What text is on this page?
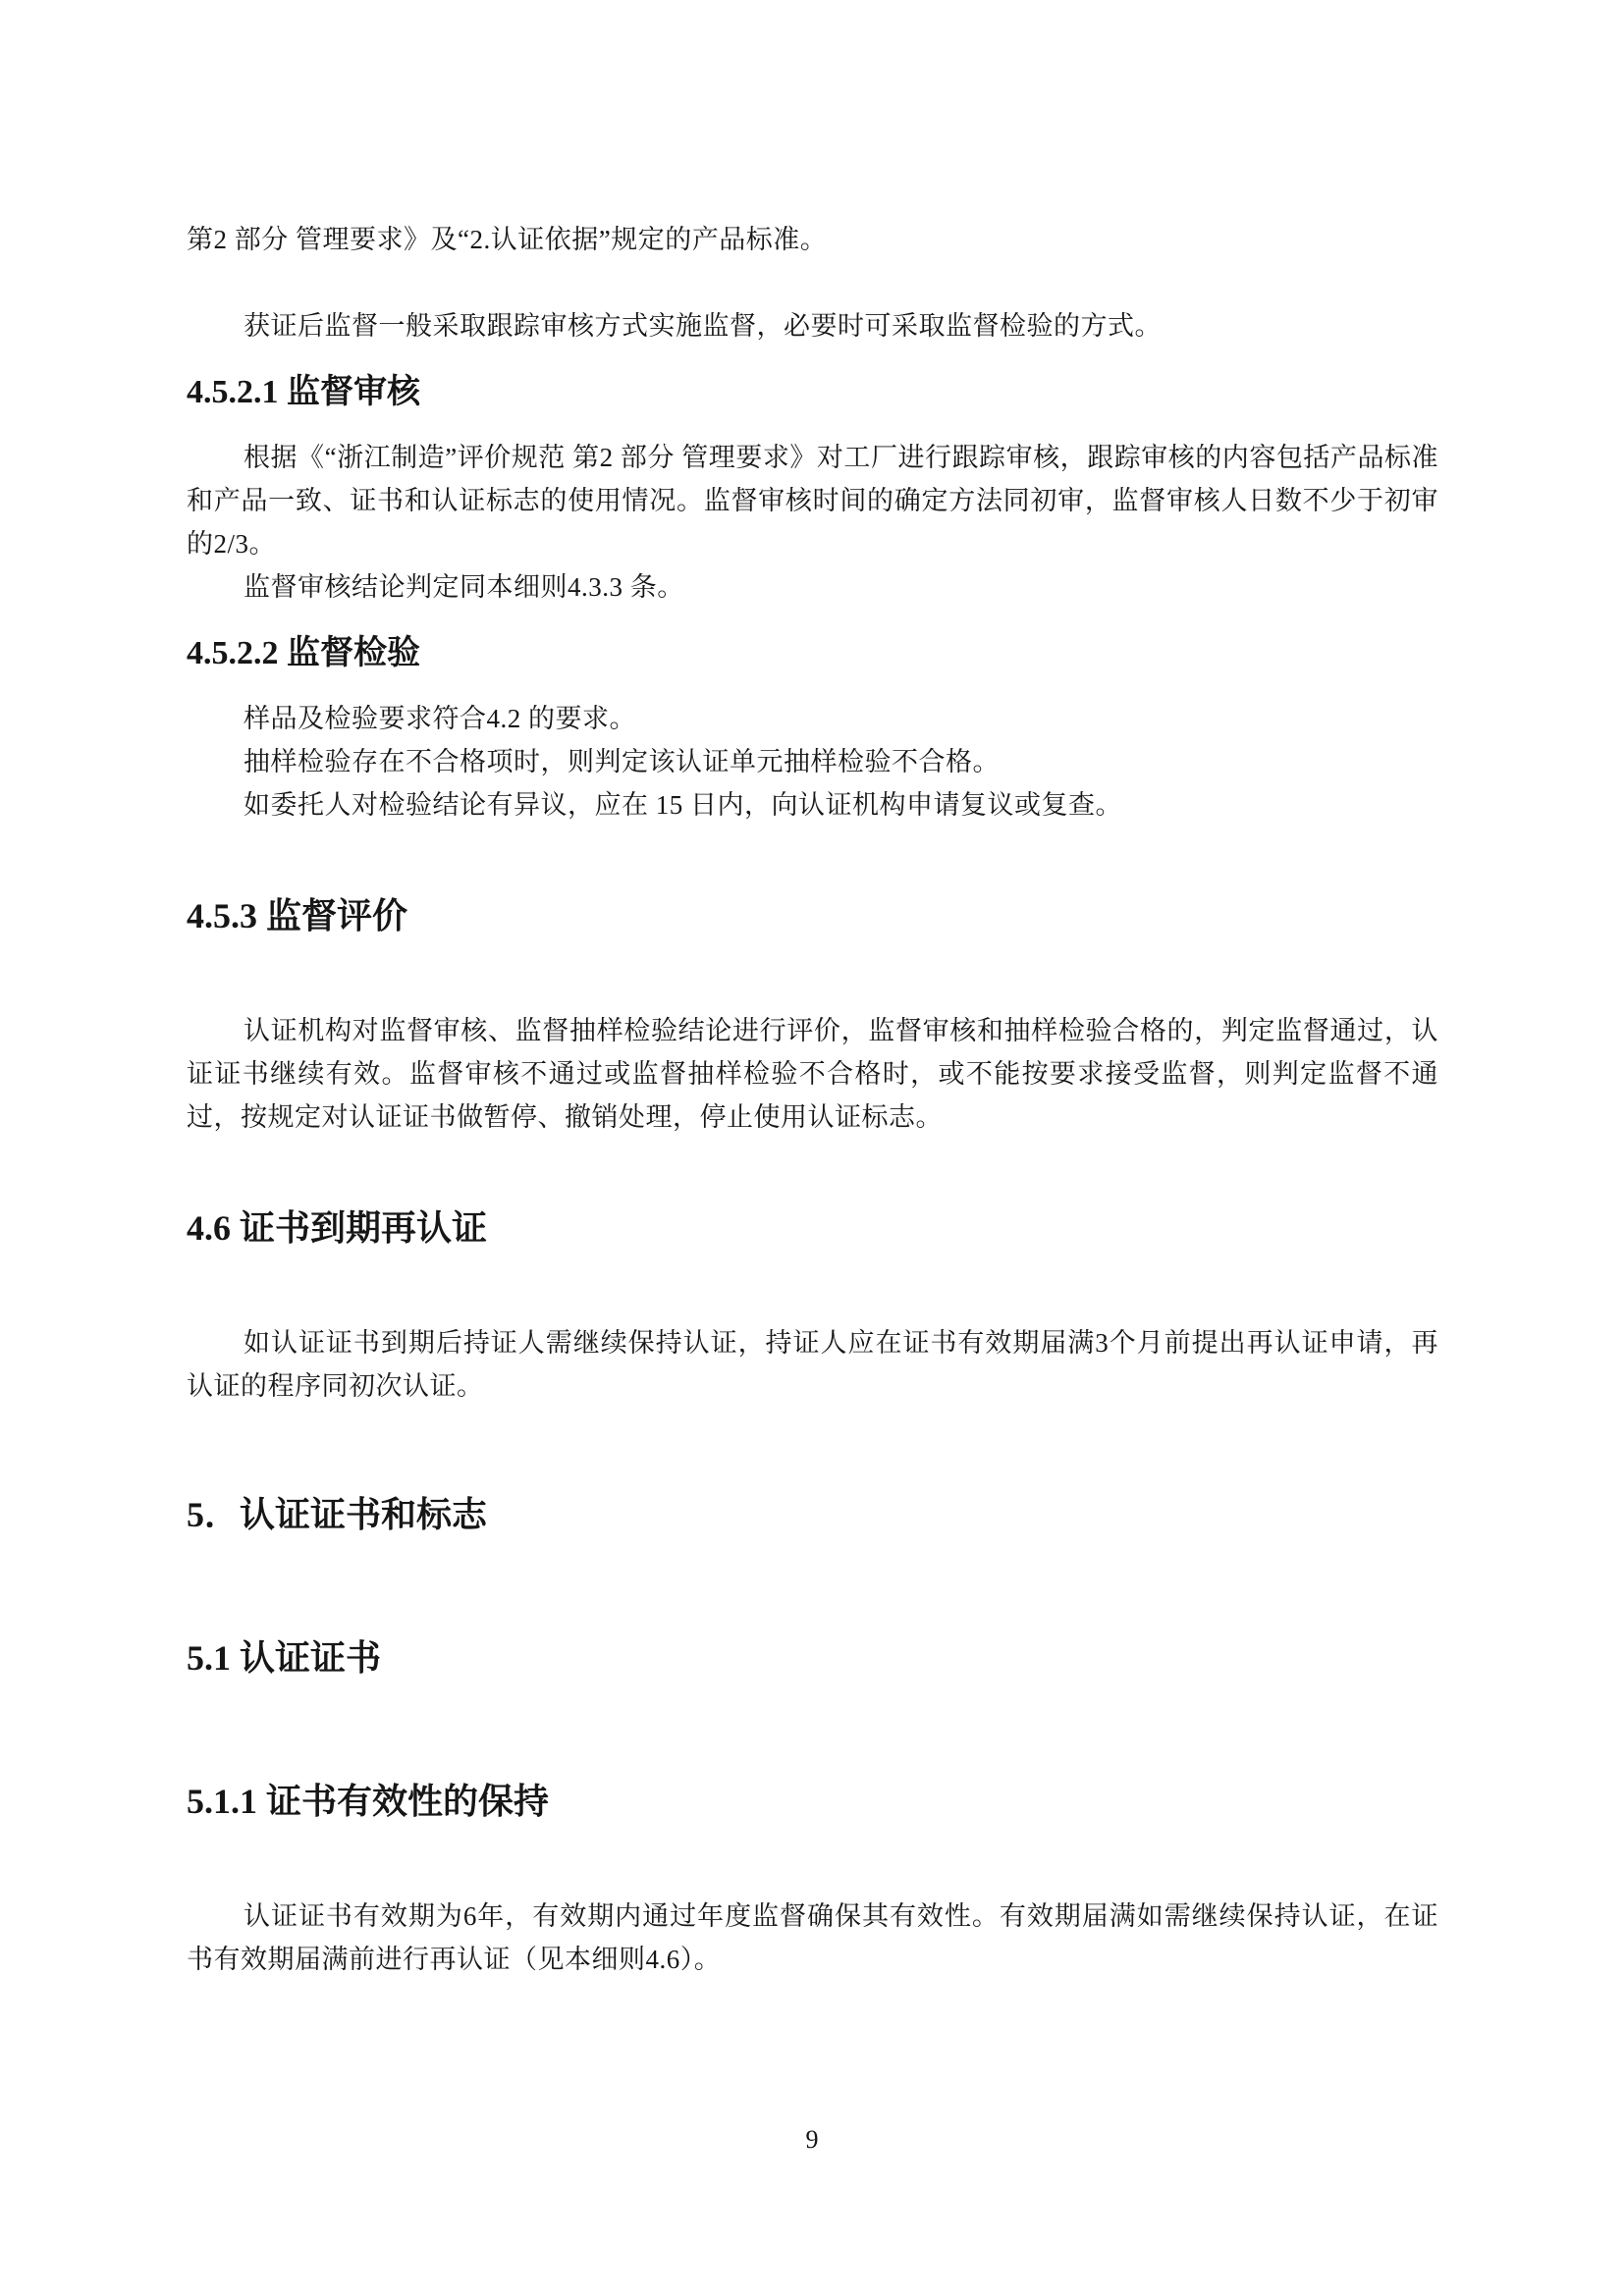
第2 部分 管理要求》及“2.认证依据”规定的产品标准。

获证后监督一般采取跟踪审核方式实施监督，必要时可采取监督检验的方式。

4.5.2.1 监督审核

根据《“浙江制造”评价规范 第2 部分 管理要求》对工厂进行跟踪审核，跟踪审核的内容包括产品标准和产品一致、证书和认证标志的使用情况。监督审核时间的确定方法同初审，监督审核人日数不少于初审的2/3。

监督审核结论判定同本细则4.3.3 条。

4.5.2.2 监督检验

样品及检验要求符合4.2 的要求。

抽样检验存在不合格项时，则判定该认证单元抽样检验不合格。

如委托人对检验结论有异议，应在 15 日内，向认证机构申请复议或复查。

4.5.3 监督评价

认证机构对监督审核、监督抽样检验结论进行评价，监督审核和抽样检验合格的，判定监督通过，认证证书继续有效。监督审核不通过或监督抽样检验不合格时，或不能按要求接受监督，则判定监督不通过，按规定对认证证书做暂停、撤销处理，停止使用认证标志。

4.6 证书到期再认证

如认证证书到期后持证人需继续保持认证，持证人应在证书有效期届满3个月前提出再认证申请，再认证的程序同初次认证。

5．认证证书和标志
5.1 认证证书
5.1.1 证书有效性的保持

认证证书有效期为6年，有效期内通过年度监督确保其有效性。有效期届满如需继续保持认证，在证书有效期届满前进行再认证（见本细则4.6）。

9
